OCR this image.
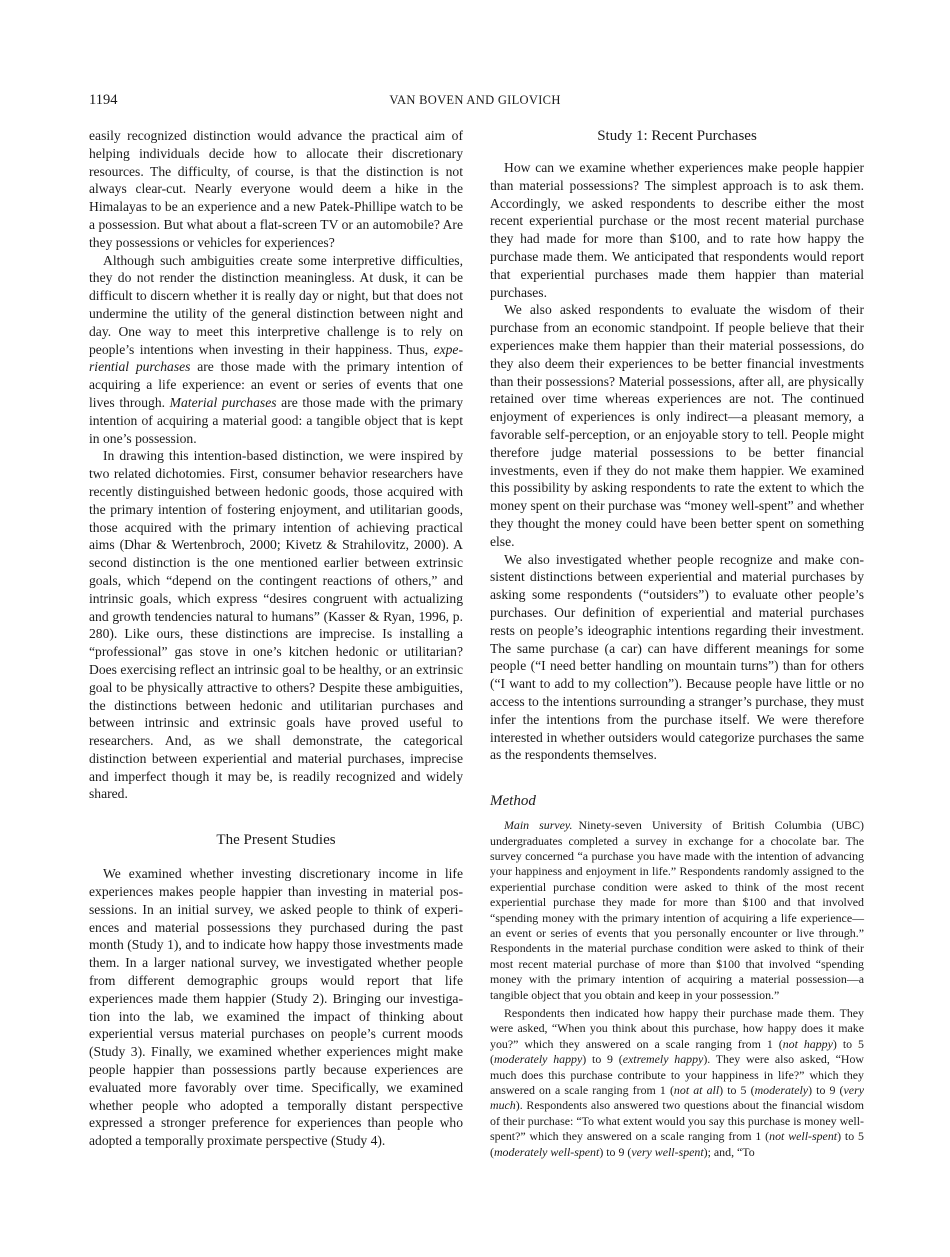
1194	VAN BOVEN AND GILOVICH

easily recognized distinction would advance the practical aim of helping individuals decide how to allocate their discretionary resources. The difficulty, of course, is that the distinction is not always clear-cut. Nearly everyone would deem a hike in the Himalayas to be an experience and a new Patek-Phillipe watch to be a possession. But what about a flat-screen TV or an automobile? Are they possessions or vehicles for experiences?

Although such ambiguities create some interpretive difficulties, they do not render the distinction meaningless. At dusk, it can be difficult to discern whether it is really day or night, but that does not undermine the utility of the general distinction between night and day. One way to meet this interpretive challenge is to rely on people’s intentions when investing in their happiness. Thus, experiential purchases are those made with the primary intention of acquiring a life experience: an event or series of events that one lives through. Material purchases are those made with the primary intention of acquiring a material good: a tangible object that is kept in one’s possession.

In drawing this intention-based distinction, we were inspired by two related dichotomies. First, consumer behavior researchers have recently distinguished between hedonic goods, those acquired with the primary intention of fostering enjoyment, and utilitarian goods, those acquired with the primary intention of achieving practical aims (Dhar & Wertenbroch, 2000; Kivetz & Strahilovitz, 2000). A second distinction is the one mentioned earlier between extrinsic goals, which “depend on the contingent reactions of others,” and intrinsic goals, which express “desires congruent with actualizing and growth tendencies natural to humans” (Kasser & Ryan, 1996, p. 280). Like ours, these distinctions are imprecise. Is installing a “professional” gas stove in one’s kitchen hedonic or utilitarian? Does exercising reflect an intrinsic goal to be healthy, or an extrinsic goal to be physically attractive to others? Despite these ambiguities, the distinctions between hedonic and utilitarian purchases and between intrinsic and extrinsic goals have proved useful to researchers. And, as we shall demonstrate, the categorical distinction between experiential and material purchases, imprecise and imperfect though it may be, is readily recognized and widely shared.

The Present Studies

We examined whether investing discretionary income in life experiences makes people happier than investing in material possessions. In an initial survey, we asked people to think of experiences and material possessions they purchased during the past month (Study 1), and to indicate how happy those investments made them. In a larger national survey, we investigated whether people from different demographic groups would report that life experiences made them happier (Study 2). Bringing our investigation into the lab, we examined the impact of thinking about experiential versus material purchases on people’s current moods (Study 3). Finally, we examined whether experiences might make people happier than possessions partly because experiences are evaluated more favorably over time. Specifically, we examined whether people who adopted a temporally distant perspective expressed a stronger preference for experiences than people who adopted a temporally proximate perspective (Study 4).

Study 1: Recent Purchases

How can we examine whether experiences make people happier than material possessions? The simplest approach is to ask them. Accordingly, we asked respondents to describe either the most recent experiential purchase or the most recent material purchase they had made for more than $100, and to rate how happy the purchase made them. We anticipated that respondents would report that experiential purchases made them happier than material purchases.

We also asked respondents to evaluate the wisdom of their purchase from an economic standpoint. If people believe that their experiences make them happier than their material possessions, do they also deem their experiences to be better financial investments than their possessions? Material possessions, after all, are physically retained over time whereas experiences are not. The continued enjoyment of experiences is only indirect—a pleasant memory, a favorable self-perception, or an enjoyable story to tell. People might therefore judge material possessions to be better financial investments, even if they do not make them happier. We examined this possibility by asking respondents to rate the extent to which the money spent on their purchase was “money well-spent” and whether they thought the money could have been better spent on something else.

We also investigated whether people recognize and make consistent distinctions between experiential and material purchases by asking some respondents (“outsiders”) to evaluate other people’s purchases. Our definition of experiential and material purchases rests on people’s ideographic intentions regarding their investment. The same purchase (a car) can have different meanings for some people (“I need better handling on mountain turns”) than for others (“I want to add to my collection”). Because people have little or no access to the intentions surrounding a stranger’s purchase, they must infer the intentions from the purchase itself. We were therefore interested in whether outsiders would categorize purchases the same as the respondents themselves.

Method

Main survey. Ninety-seven University of British Columbia (UBC) undergraduates completed a survey in exchange for a chocolate bar. The survey concerned “a purchase you have made with the intention of advancing your happiness and enjoyment in life.” Respondents randomly assigned to the experiential purchase condition were asked to think of the most recent experiential purchase they made for more than $100 and that involved “spending money with the primary intention of acquiring a life experience—an event or series of events that you personally encounter or live through.” Respondents in the material purchase condition were asked to think of their most recent material purchase of more than $100 that involved “spending money with the primary intention of acquiring a material possession—a tangible object that you obtain and keep in your possession.”

Respondents then indicated how happy their purchase made them. They were asked, “When you think about this purchase, how happy does it make you?” which they answered on a scale ranging from 1 (not happy) to 5 (moderately happy) to 9 (extremely happy). They were also asked, “How much does this purchase contribute to your happiness in life?” which they answered on a scale ranging from 1 (not at all) to 5 (moderately) to 9 (very much). Respondents also answered two questions about the financial wisdom of their purchase: “To what extent would you say this purchase is money well-spent?” which they answered on a scale ranging from 1 (not well-spent) to 5 (moderately well-spent) to 9 (very well-spent); and, “To
